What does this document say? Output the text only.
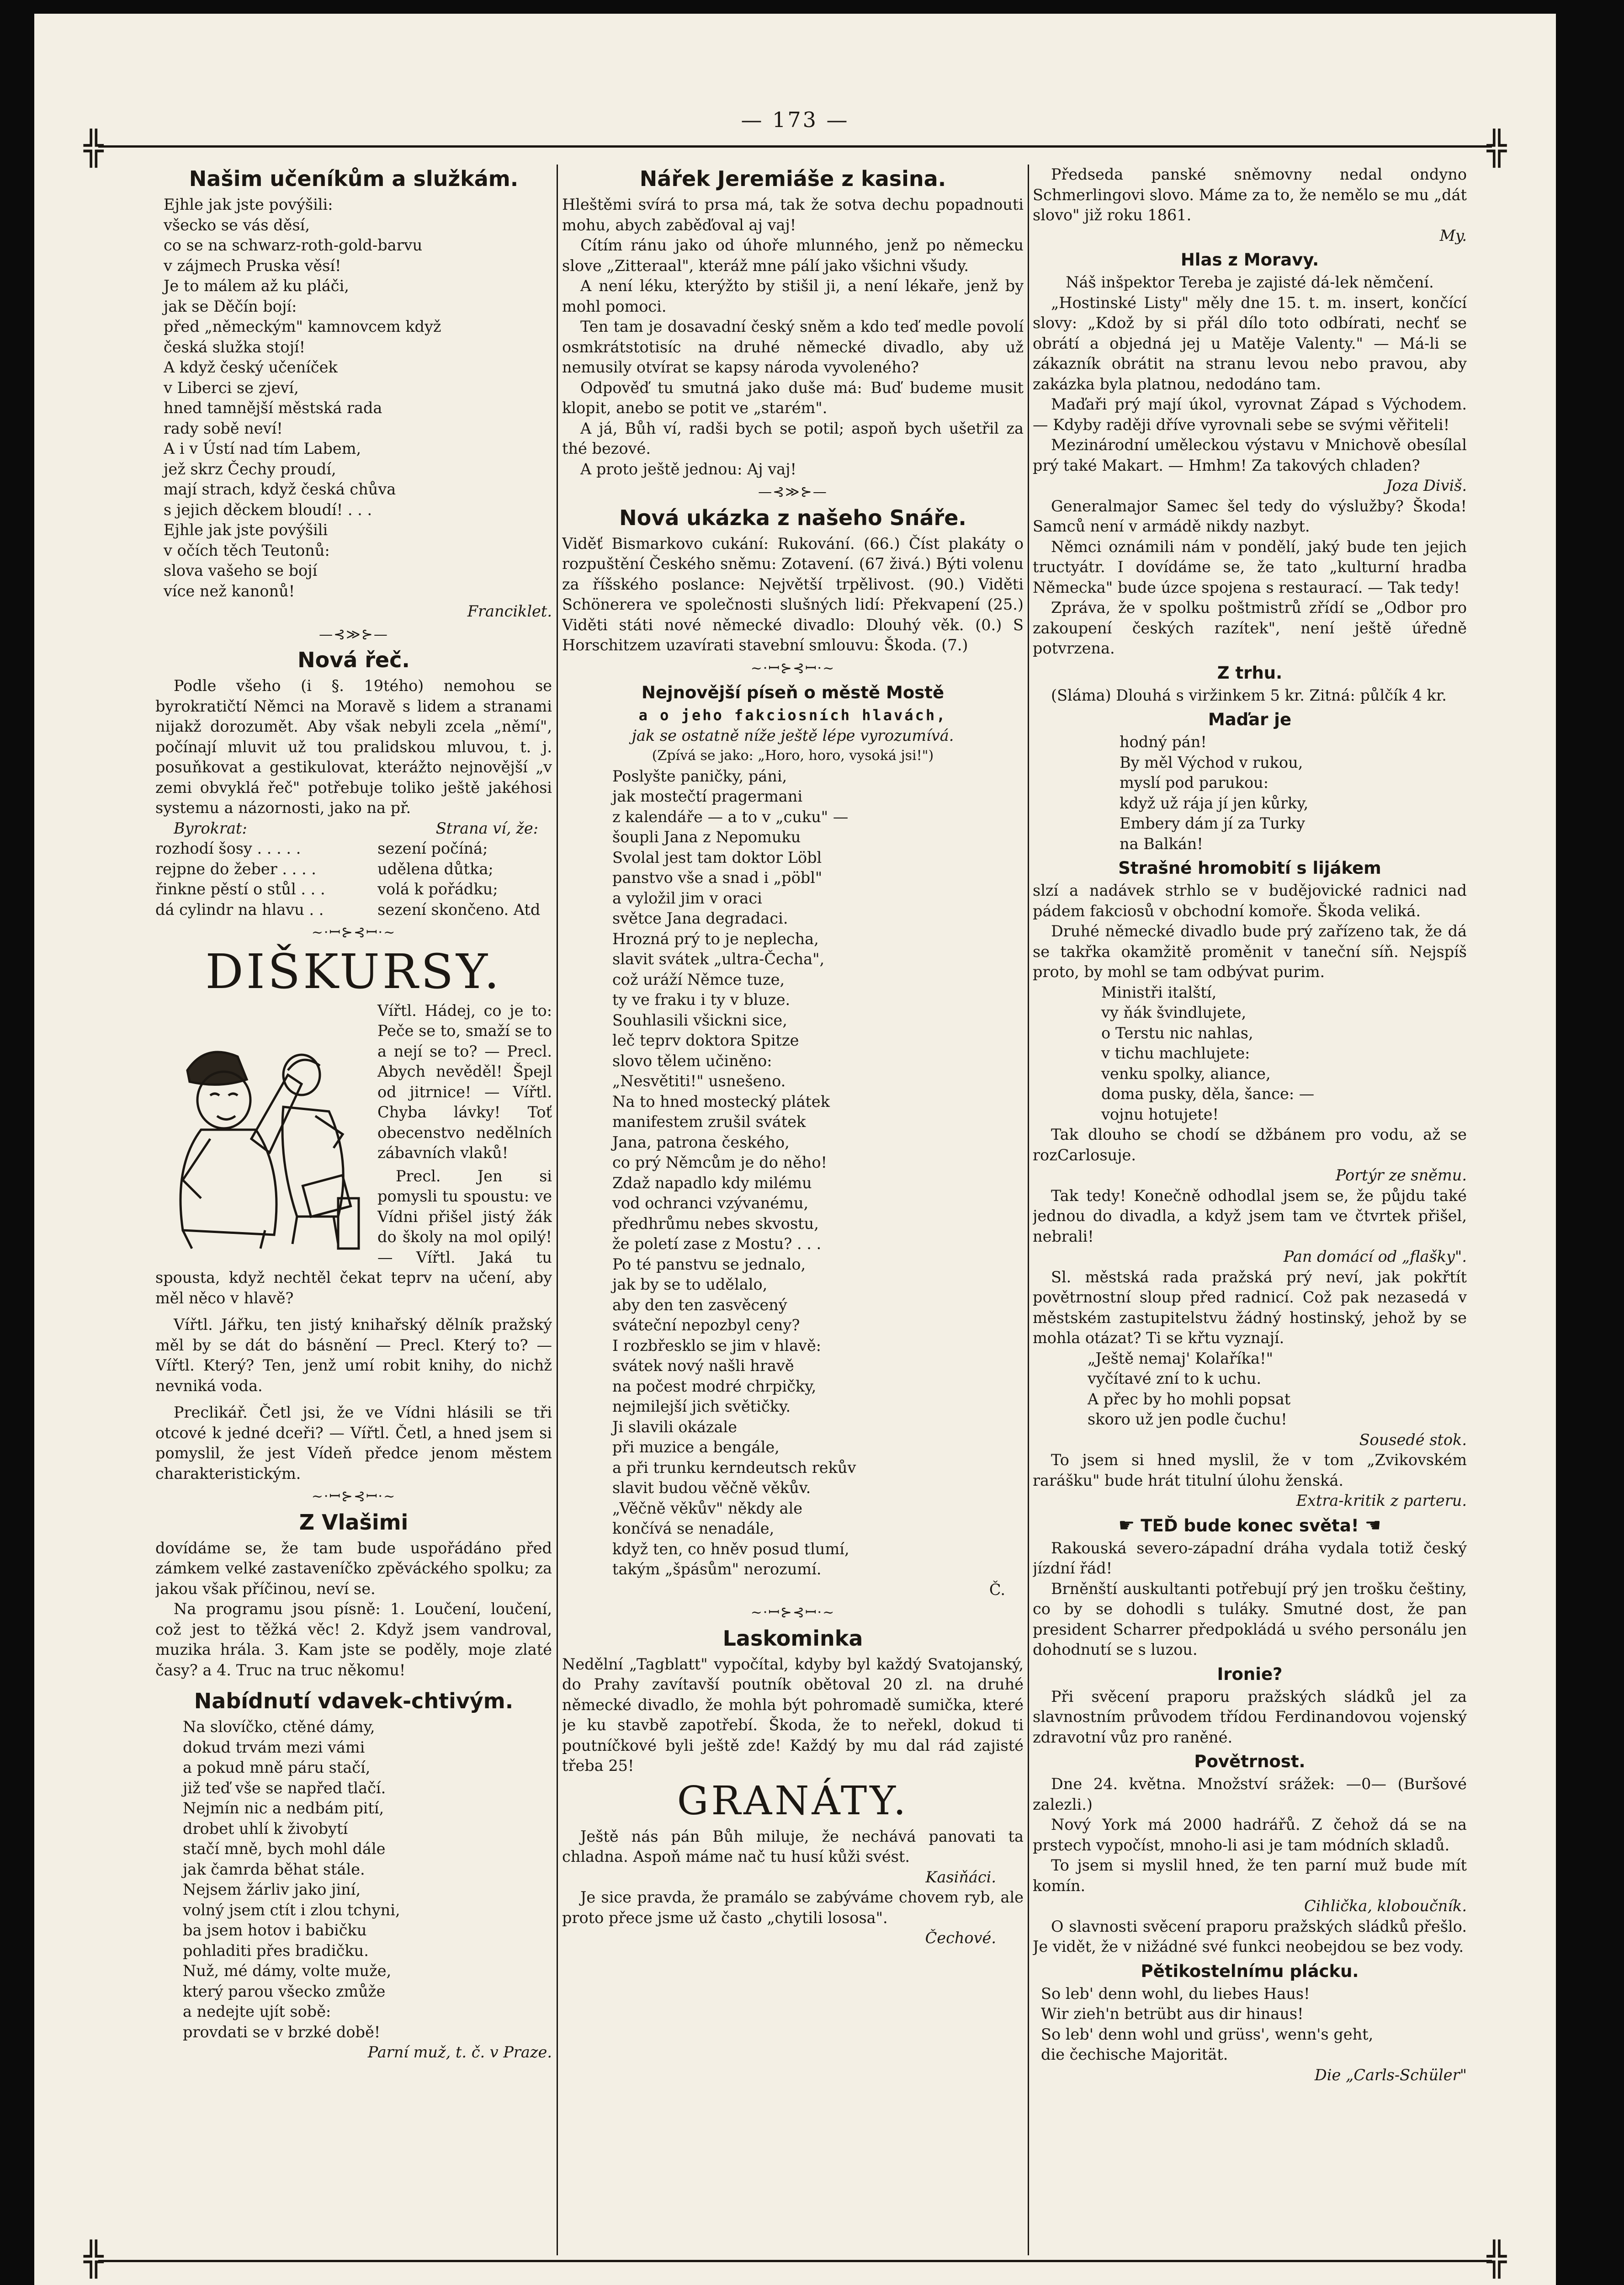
— 173 —
╬	╬
╬	╬
Našim učeníkům a služkám.
Ejhle jak jste povýšili:
všecko se vás děsí,
co se na schwarz-roth-gold-barvu
v zájmech Pruska věsí!
Je to málem až ku pláči,
jak se Děčín bojí:
před „německým" kamnovcem když
česká služka stojí!
A když český učeníček
v Liberci se zjeví,
hned tamnější městská rada
rady sobě neví!
A i v Ústí nad tím Labem,
jež skrz Čechy proudí,
mají strach, když česká chůva
s jejich děckem bloudí! . . .
Ejhle jak jste povýšili
v očích těch Teutonů:
slova vašeho se bojí
více než kanonů!
Franciklet.
—⊰≫⊱—
Nová řeč.

Podle všeho (i §. 19tého) nemohou se byrokratičtí Němci na Moravě s lidem a stranami nijakž dorozumět. Aby však nebyli zcela „němí", počínají mluvit už tou pralidskou mluvou, t. j. posuňkovat a gestikulovat, kterážto nejnovější „v zemi obvyklá řeč" potřebuje toliko ještě jakéhosi systemu a názornosti, jako na př.

Byrokrat:	Strana ví, že:
rozhodí šosy . . . . .	sezení počíná;
rejpne do žeber . . . .	udělena důtka;
řinkne pěstí o stůl . . .	volá k pořádku;
dá cylindr na hlavu . .	sezení skončeno. Atd
~·ꟷ⊱⊰ꟷ·~
DIŠKURSY.

Vířtl. Hádej, co je to: Peče se to, smaží se to a nejí se to? — Precl. Abych nevěděl! Špejl od jitrnice! — Vířtl. Chyba lávky! Toť obecenstvo nedělních zábavních vlaků!

Precl. Jen si pomysli tu spoustu: ve Vídni přišel jistý žák do školy na mol opilý! — Vířtl. Jaká tu spousta, když nechtěl čekat teprv na učení, aby měl něco v hlavě?

Vířtl. Jářku, ten jistý knihařský dělník pražský měl by se dát do básnění — Precl. Který to? — Vířtl. Který? Ten, jenž umí robit knihy, do nichž nevniká voda.

Preclikář. Četl jsi, že ve Vídni hlásili se tři otcové k jedné dceři? — Vířtl. Četl, a hned jsem si pomyslil, že jest Vídeň předce jenom městem charakteristickým.

~·ꟷ⊱⊰ꟷ·~
Z Vlašimi

dovídáme se, že tam bude uspořádáno před zámkem velké zastaveníčko zpěváckého spolku; za jakou však příčinou, neví se.

Na programu jsou písně: 1. Loučení, loučení, což jest to těžká věc! 2. Když jsem vandroval, muzika hrála. 3. Kam jste se poděly, moje zlaté časy? a 4. Truc na truc někomu!

Nabídnutí vdavek-chtivým.
Na slovíčko, ctěné dámy,
dokud trvám mezi vámi
a pokud mně páru stačí,
již teď vše se napřed tlačí.
Nejmín nic a nedbám pití,
drobet uhlí k živobytí
stačí mně, bych mohl dále
jak čamrda běhat stále.
Nejsem žárliv jako jiní,
volný jsem ctít i zlou tchyni,
ba jsem hotov i babičku
pohladiti přes bradičku.
Nuž, mé dámy, volte muže,
který parou všecko zmůže
a nedejte ujít sobě:
provdati se v brzké době!
Parní muž, t. č. v Praze.
Nářek Jeremiáše z kasina.

Hleštěmi svírá to prsa má, tak že sotva dechu popadnouti mohu, abych zaběďoval aj vaj!

Cítím ránu jako od úhoře mlunného, jenž po německu slove „Zitteraal", kteráž mne pálí jako všichni všudy.

A není léku, kterýžto by stišil ji, a není lékaře, jenž by mohl pomoci.

Ten tam je dosavadní český sněm a kdo teď medle povolí osmkrátstotisíc na druhé německé divadlo, aby už nemusily otvírat se kapsy národa vyvoleného?

Odpověď tu smutná jako duše má: Buď budeme musit klopit, anebo se potit ve „starém".

A já, Bůh ví, radši bych se potil; aspoň bych ušetřil za thé bezové.

A proto ještě jednou: Aj vaj!

—⊰≫⊱—
Nová ukázka z našeho Snáře.

Viděť Bismarkovo cukání: Rukování. (66.) Číst plakáty o rozpuštění Českého sněmu: Zotavení. (67 živá.) Býti volenu za říšského poslance: Největší trpělivost. (90.) Viděti Schönerera ve společnosti slušných lidí: Překvapení (25.) Viděti státi nové německé divadlo: Dlouhý věk. (0.) S Horschitzem uzavírati stavební smlouvu: Škoda. (7.)

~·ꟷ⊱⊰ꟷ·~
Nejnovější píseň o městě Mostě
a o jeho fakciosních hlavách,
jak se ostatně níže ještě lépe vyrozumívá.
(Zpívá se jako: „Horo, horo, vysoká jsi!")
Poslyšte paničky, páni,
jak mostečtí pragermani
z kalendáře — a to v „cuku" —
šoupli Jana z Nepomuku
Svolal jest tam doktor Löbl
panstvo vše a snad i „pöbl"
a vyložil jim v oraci
světce Jana degradaci.
Hrozná prý to je neplecha,
slavit svátek „ultra-Čecha",
což uráží Němce tuze,
ty ve fraku i ty v bluze.
Souhlasili všickni sice,
leč teprv doktora Spitze
slovo tělem učiněno:
„Nesvětiti!" usnešeno.
Na to hned mostecký plátek
manifestem zrušil svátek
Jana, patrona českého,
co prý Němcům je do něho!
Zdaž napadlo kdy milému
vod ochranci vzývanému,
předhrůmu nebes skvostu,
že poletí zase z Mostu? . . .
Po té panstvu se jednalo,
jak by se to udělalo,
aby den ten zasvěcený
sváteční nepozbyl ceny?
I rozbřesklo se jim v hlavě:
svátek nový našli hravě
na počest modré chrpičky,
nejmilejší jich světičky.
Ji slavili okázale
při muzice a bengále,
a při trunku kerndeutsch rekův
slavit budou věčně věkův.
„Věčně věkův" někdy ale
končívá se nenadále,
když ten, co hněv posud tlumí,
takým „špásům" nerozumí.
Č.
~·ꟷ⊱⊰ꟷ·~
Laskominka

Nedělní „Tagblatt" vypočítal, kdyby byl každý Svatojanský, do Prahy zavítavší poutník obětoval 20 zl. na druhé německé divadlo, že mohla být pohromadě sumička, které je ku stavbě zapotřebí. Škoda, že to neřekl, dokud ti poutníčkové byli ještě zde! Každý by mu dal rád zajisté třeba 25!

GRANÁTY.

Ještě nás pán Bůh miluje, že nechává panovati ta chladna. Aspoň máme nač tu husí kůži svést.

Kasiňáci.

Je sice pravda, že pramálo se zabýváme chovem ryb, ale proto přece jsme už často „chytili lososa".

Čechové.

Předseda panské sněmovny nedal ondyno Schmerlingovi slovo. Máme za to, že nemělo se mu „dát slovo" již roku 1861.

My.
Hlas z Moravy.

Náš inšpektor Tereba je zajisté dá-lek němčení.

„Hostinské Listy" měly dne 15. t. m. insert, končící slovy: „Kdož by si přál dílo toto odbírati, nechť se obrátí a objedná jej u Matěje Valenty." — Má-li se zákazník obrátit na stranu levou nebo pravou, aby zakázka byla platnou, nedodáno tam.

Maďaři prý mají úkol, vyrovnat Západ s Východem. — Kdyby raději dříve vyrovnali sebe se svými věřiteli!

Mezinárodní uměleckou výstavu v Mnichově obesílal prý také Makart. — Hmhm! Za takových chladen?

Joza Diviš.

Generalmajor Samec šel tedy do výslužby? Škoda! Samců není v armádě nikdy nazbyt.

Němci oznámili nám v pondělí, jaký bude ten jejich tructyátr. I dovídáme se, že tato „kulturní hradba Německa" bude úzce spojena s restaurací. — Tak tedy!

Zpráva, že v spolku poštmistrů zřídí se „Odbor pro zakoupení českých razítek", není ještě úředně potvrzena.

Z trhu.

(Sláma) Dlouhá s viržinkem 5 kr. Zitná: půlčík 4 kr.

Maďar je
hodný pán!
By měl Východ v rukou,
myslí pod parukou:
když už rája jí jen kůrky,
Embery dám jí za Turky
na Balkán!
Strašné hromobití s lijákem

slzí a nadávek strhlo se v budějovické radnici nad pádem fakciosů v obchodní komoře. Škoda veliká.

Druhé německé divadlo bude prý zařízeno tak, že dá se takřka okamžitě proměnit v taneční síň. Nejspíš proto, by mohl se tam odbývat purim.

Ministři italští,
vy ňák švindlujete,
o Terstu nic nahlas,
v tichu machlujete:
venku spolky, aliance,
doma pusky, děla, šance: —
vojnu hotujete!

Tak dlouho se chodí se džbánem pro vodu, až se rozCarlosuje.

Portýr ze sněmu.

Tak tedy! Konečně odhodlal jsem se, že půjdu také jednou do divadla, a když jsem tam ve čtvrtek přišel, nebrali!

Pan domácí od „flašky".

Sl. městská rada pražská prý neví, jak pokřtít povětrnostní sloup před radnicí. Což pak nezasedá v městském zastupitelstvu žádný hostinský, jehož by se mohla otázat? Ti se křtu vyznají.

„Ještě nemaj' Kolaříka!"
vyčítavé zní to k uchu.
A přec by ho mohli popsat
skoro už jen podle čuchu!
Sousedé stok.

To jsem si hned myslil, že v tom „Zvikovském rarášku" bude hrát titulní úlohu ženská.

Extra-kritik z parteru.
☛ TEĎ bude konec světa! ☚

Rakouská severo-západní dráha vydala totiž český jízdní řád!

Brněnští auskultanti potřebují prý jen trošku češtiny, co by se dohodli s tuláky. Smutné dost, že pan president Scharrer předpokládá u svého personálu jen dohodnutí se s luzou.

Ironie?

Při svěcení praporu pražských sládků jel za slavnostním průvodem třídou Ferdinandovou vojenský zdravotní vůz pro raněné.

Povětrnost.

Dne 24. května. Množství srážek: —0— (Buršové zalezli.)

Nový York má 2000 hadrářů. Z čehož dá se na prstech vypočíst, mnoho-li asi je tam módních skladů.

To jsem si myslil hned, že ten parní muž bude mít komín.

Cihlička, kloboučník.

O slavnosti svěcení praporu pražských sládků přešlo. Je vidět, že v nižádné své funkci neobejdou se bez vody.

Pětikostelnímu plácku.
So leb' denn wohl, du liebes Haus!
Wir zieh'n betrübt aus dir hinaus!
So leb' denn wohl und grüss', wenn's geht,
die čechische Majorität.
Die „Carls-Schüler"
